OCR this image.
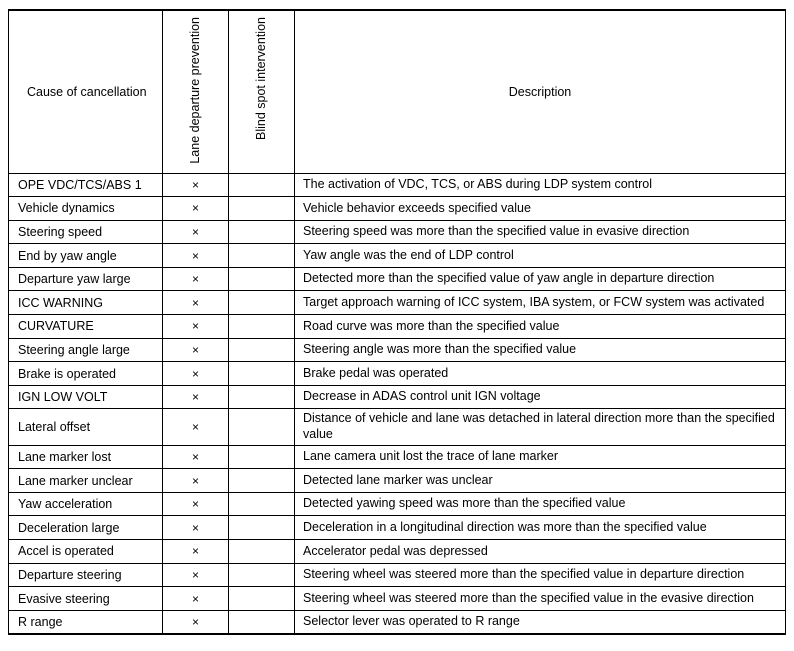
Cause of cancellation	Lane departure prevention	Blind spot intervention	Description
OPE VDC/TCS/ABS 1	×		The activation of VDC, TCS, or ABS during LDP system control
Vehicle dynamics	×		Vehicle behavior exceeds specified value
Steering speed	×		Steering speed was more than the specified value in evasive direction
End by yaw angle	×		Yaw angle was the end of LDP control
Departure yaw large	×		Detected more than the specified value of yaw angle in departure direction
ICC WARNING	×		Target approach warning of ICC system, IBA system, or FCW system was activated
CURVATURE	×		Road curve was more than the specified value
Steering angle large	×		Steering angle was more than the specified value
Brake is operated	×		Brake pedal was operated
IGN LOW VOLT	×		Decrease in ADAS control unit IGN voltage
Lateral offset	×		Distance of vehicle and lane was detached in lateral direction more than the specified value
Lane marker lost	×		Lane camera unit lost the trace of lane marker
Lane marker unclear	×		Detected lane marker was unclear
Yaw acceleration	×		Detected yawing speed was more than the specified value
Deceleration large	×		Deceleration in a longitudinal direction was more than the specified value
Accel is operated	×		Accelerator pedal was depressed
Departure steering	×		Steering wheel was steered more than the specified value in departure direction
Evasive steering	×		Steering wheel was steered more than the specified value in the evasive direction
R range	×		Selector lever was operated to R range
